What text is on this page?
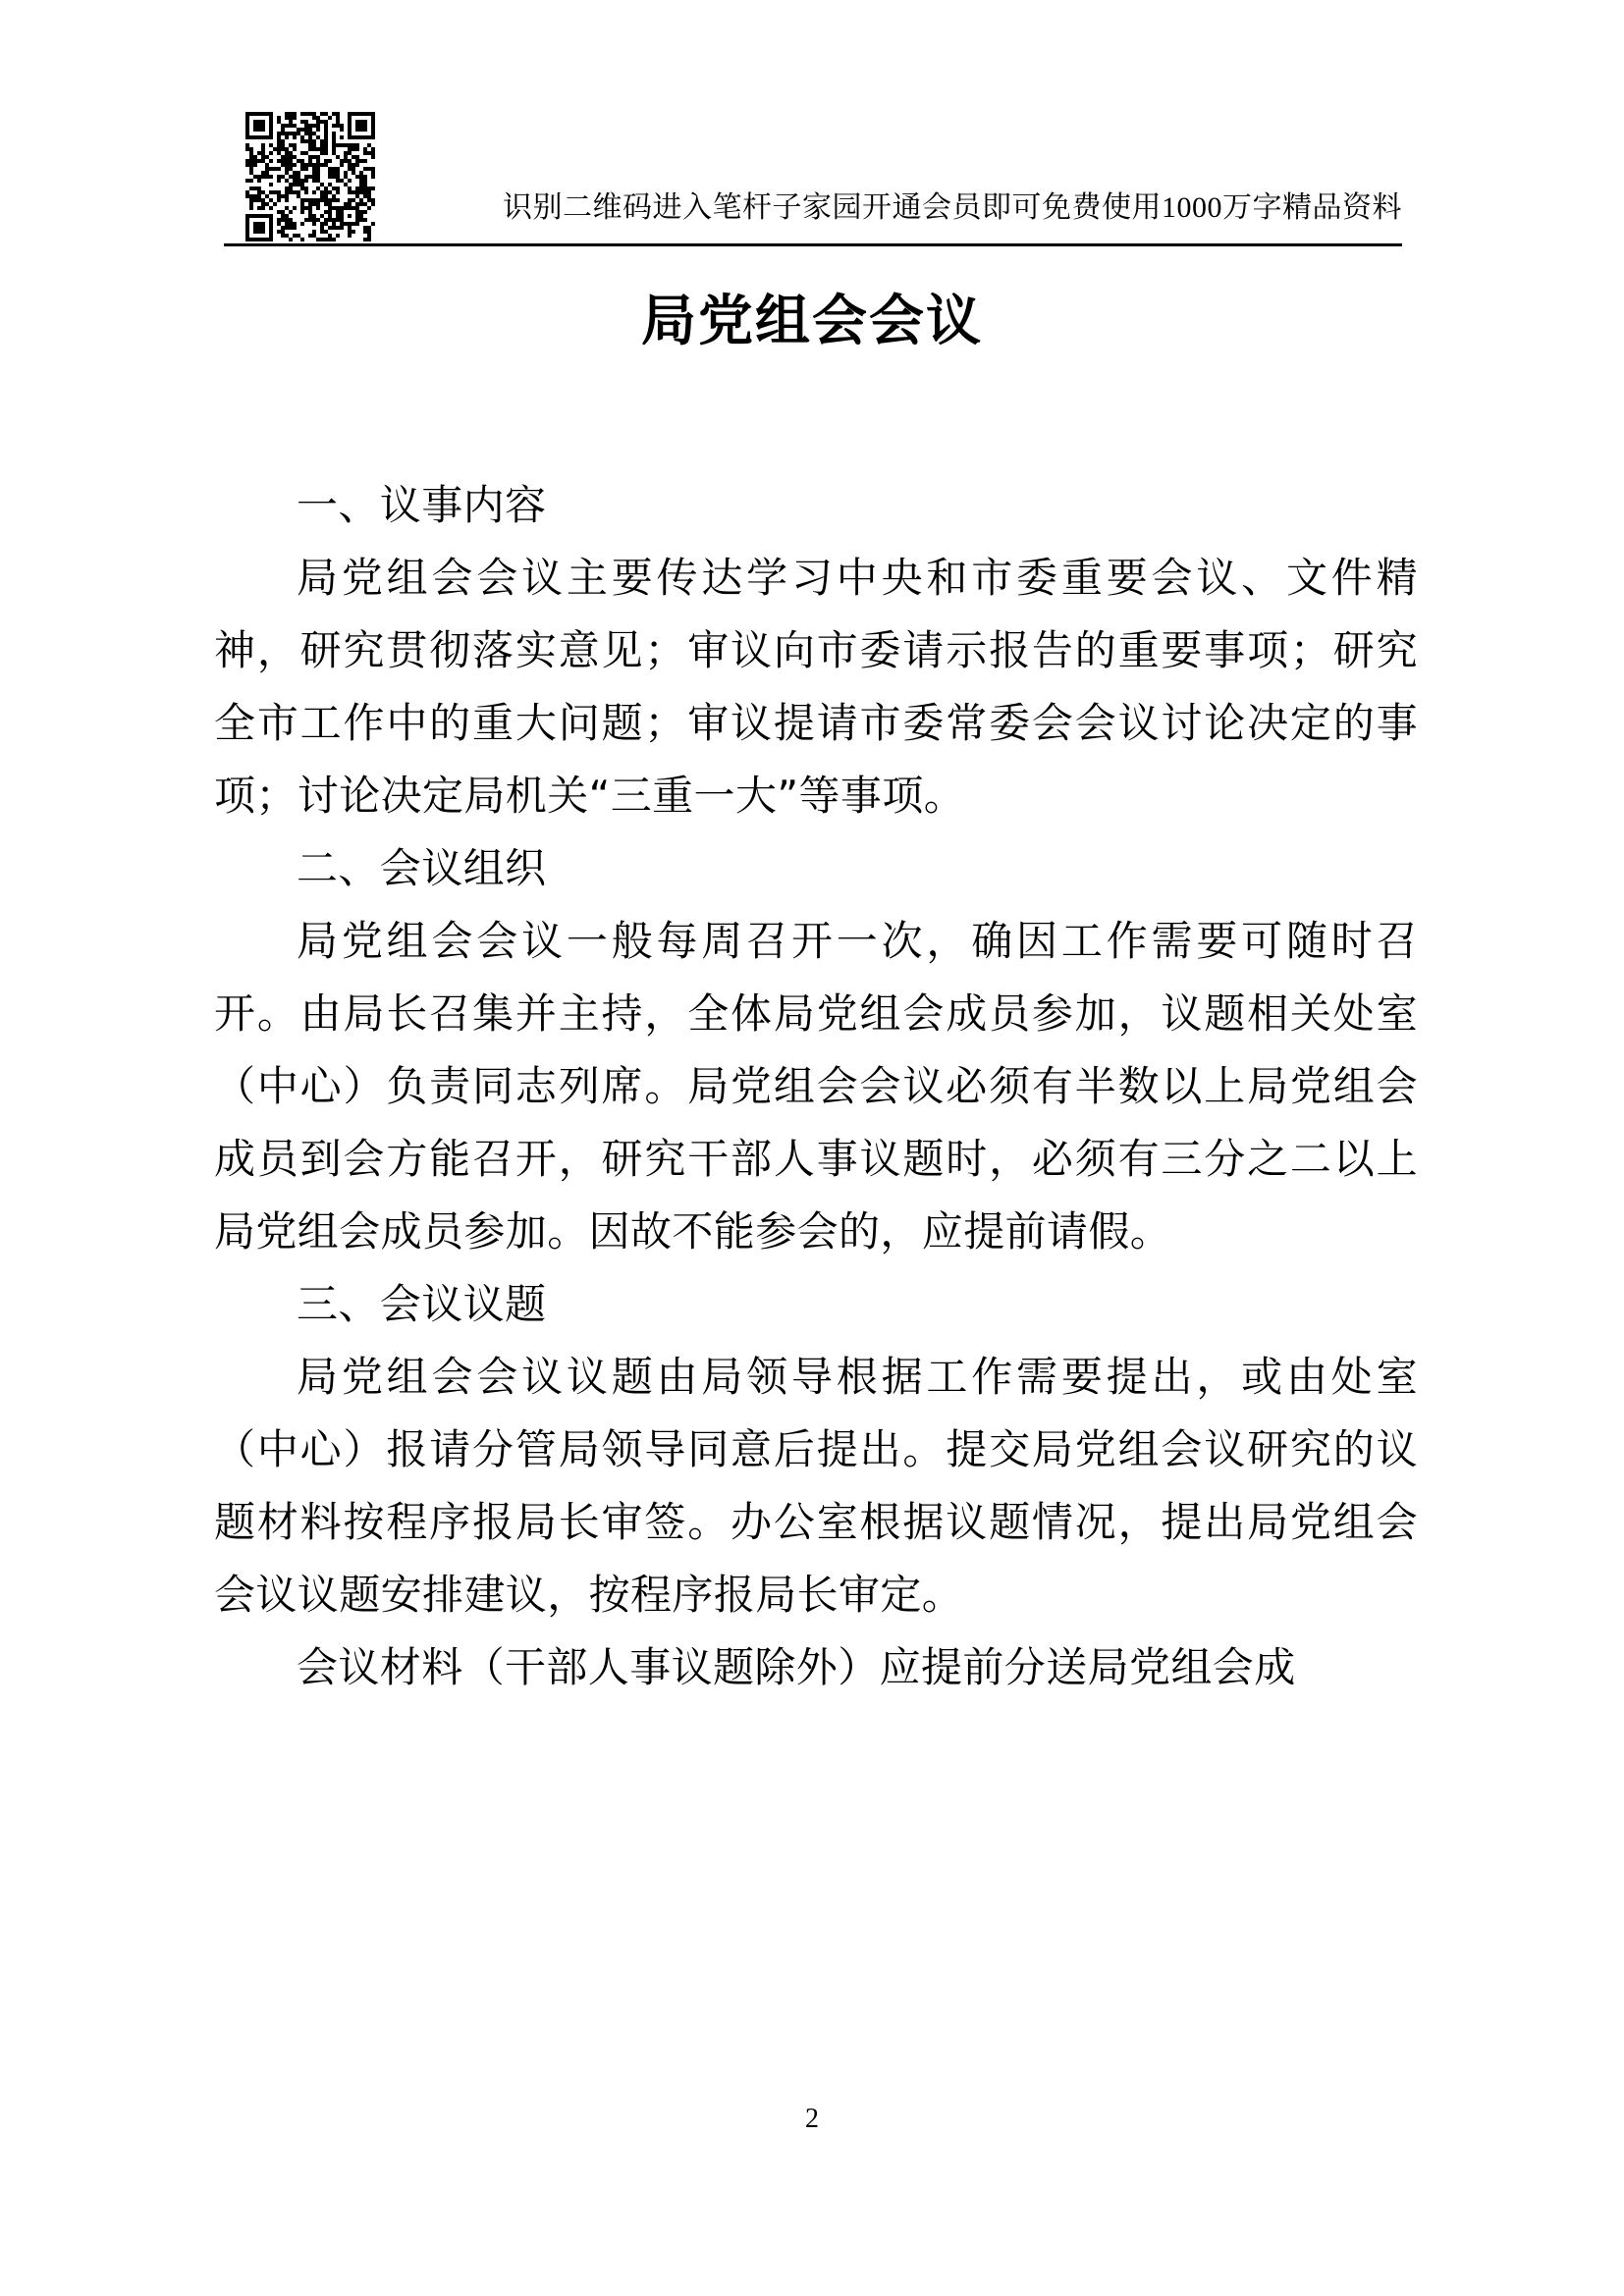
识别二维码进入笔杆子家园开通会员即可免费使用1000万字精品资料
局党组会会议

一、议事内容

局党组会会议主要传达学习中央和市委重要会议、文件精神，研究贯彻落实意见；审议向市委请示报告的重要事项；研究全市工作中的重大问题；审议提请市委常委会会议讨论决定的事项；讨论决定局机关“三重一大”等事项。

二、会议组织

局党组会会议一般每周召开一次，确因工作需要可随时召开。由局长召集并主持，全体局党组会成员参加，议题相关处室（中心）负责同志列席。局党组会会议必须有半数以上局党组会成员到会方能召开，研究干部人事议题时，必须有三分之二以上局党组会成员参加。因故不能参会的，应提前请假。

三、会议议题

局党组会会议议题由局领导根据工作需要提出，或由处室（中心）报请分管局领导同意后提出。提交局党组会议研究的议题材料按程序报局长审签。办公室根据议题情况，提出局党组会会议议题安排建议，按程序报局长审定。

会议材料（干部人事议题除外）应提前分送局党组会成

2
